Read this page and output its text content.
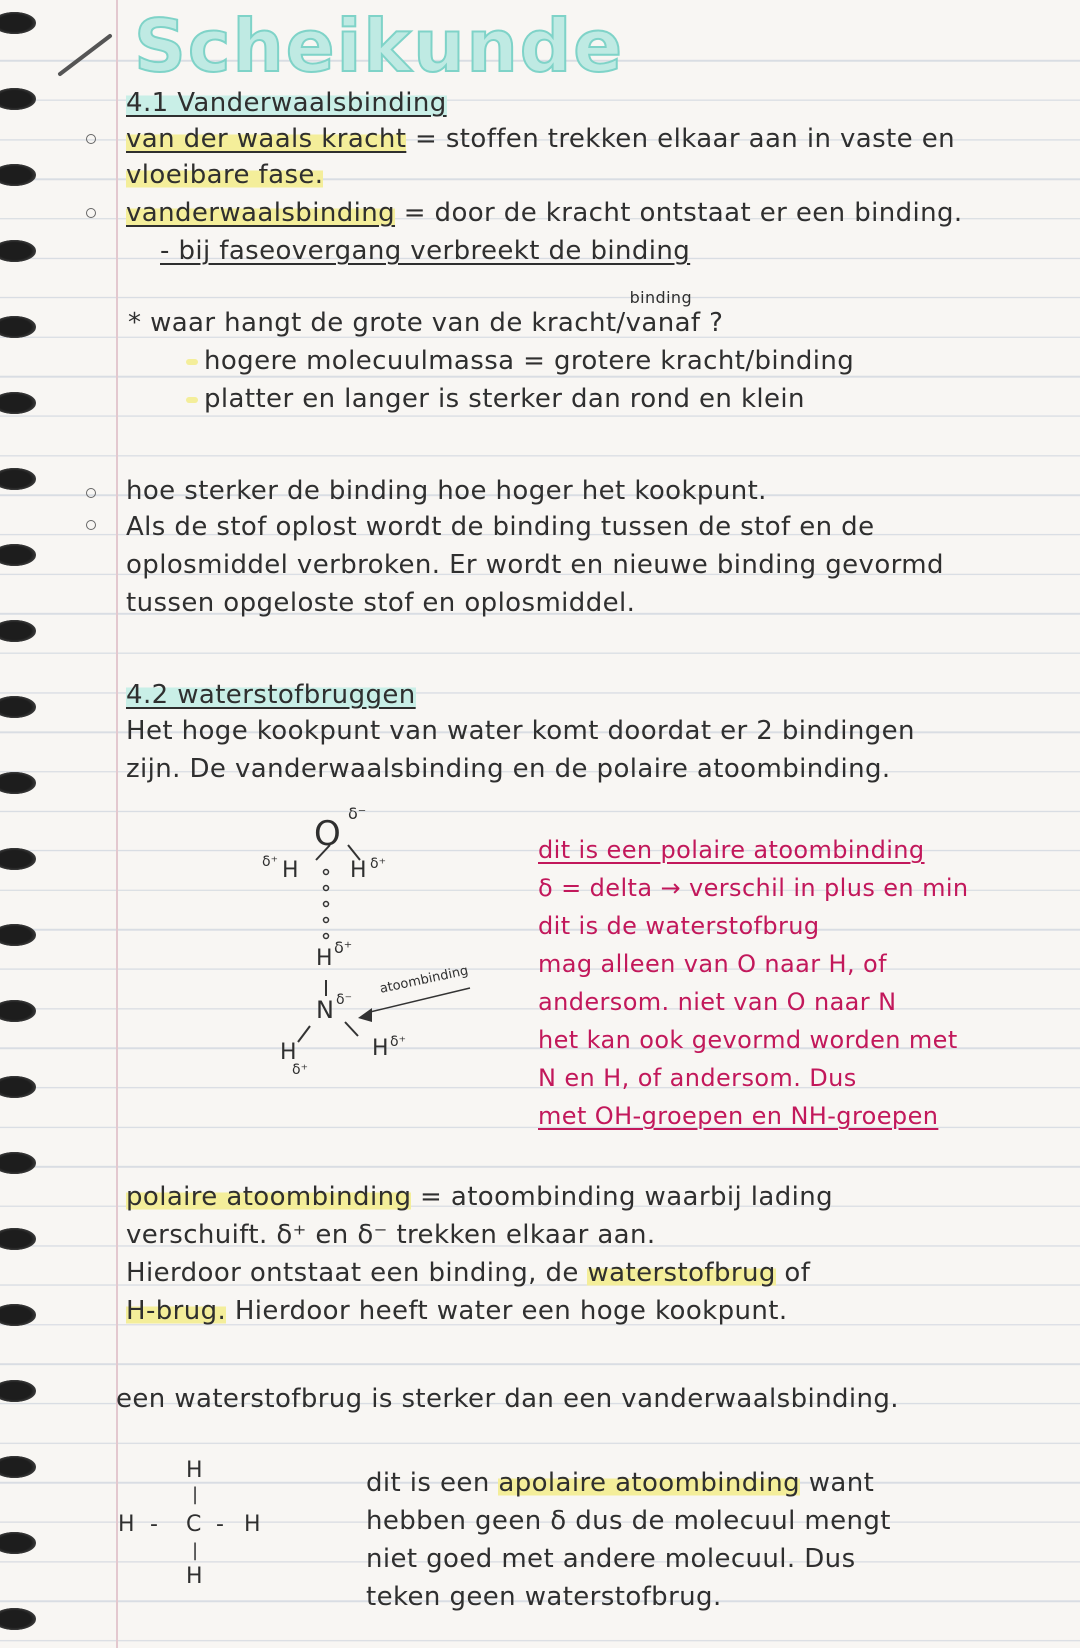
Scheikunde
4.1 Vanderwaalsbinding
van der waals kracht = stoffen trekken elkaar aan in vaste en
vloeibare fase.
vanderwaalsbinding = door de kracht ontstaat er een binding.
- bij faseovergang verbreekt de binding
* waar hangt de grote van de kracht/
binding
vanaf ?
hogere molecuulmassa = grotere kracht/binding
platter en langer is sterker dan rond en klein
hoe sterker de binding hoe hoger het kookpunt.
Als de stof oplost wordt de binding tussen de stof en de
oplosmiddel verbroken. Er wordt en nieuwe binding gevormd
tussen opgeloste stof en oplosmiddel.
4.2 waterstofbruggen
Het hoge kookpunt van water komt doordat er 2 bindingen
zijn. De vanderwaalsbinding en de polaire atoombinding.
O
δ⁻
δ⁺ H H δ⁺
H δ⁺
N δ⁻
atoombinding
H
δ⁺
H δ⁺
dit is een polaire atoombinding
δ = delta → verschil in plus en min
dit is de waterstofbrug
mag alleen van O naar H, of
andersom. niet van O naar N
het kan ook gevormd worden met
N en H, of andersom. Dus
met OH-groepen en NH-groepen
polaire atoombinding = atoombinding waarbij lading
verschuift. δ⁺ en δ⁻ trekken elkaar aan.
Hierdoor ontstaat een binding, de waterstofbrug of
H-brug. Hierdoor heeft water een hoge kookpunt.
een waterstofbrug is sterker dan een vanderwaalsbinding.
H
|
H - C - H
|
H
dit is een apolaire atoombinding want
hebben geen δ dus de molecuul mengt
niet goed met andere molecuul. Dus
teken geen waterstofbrug.
